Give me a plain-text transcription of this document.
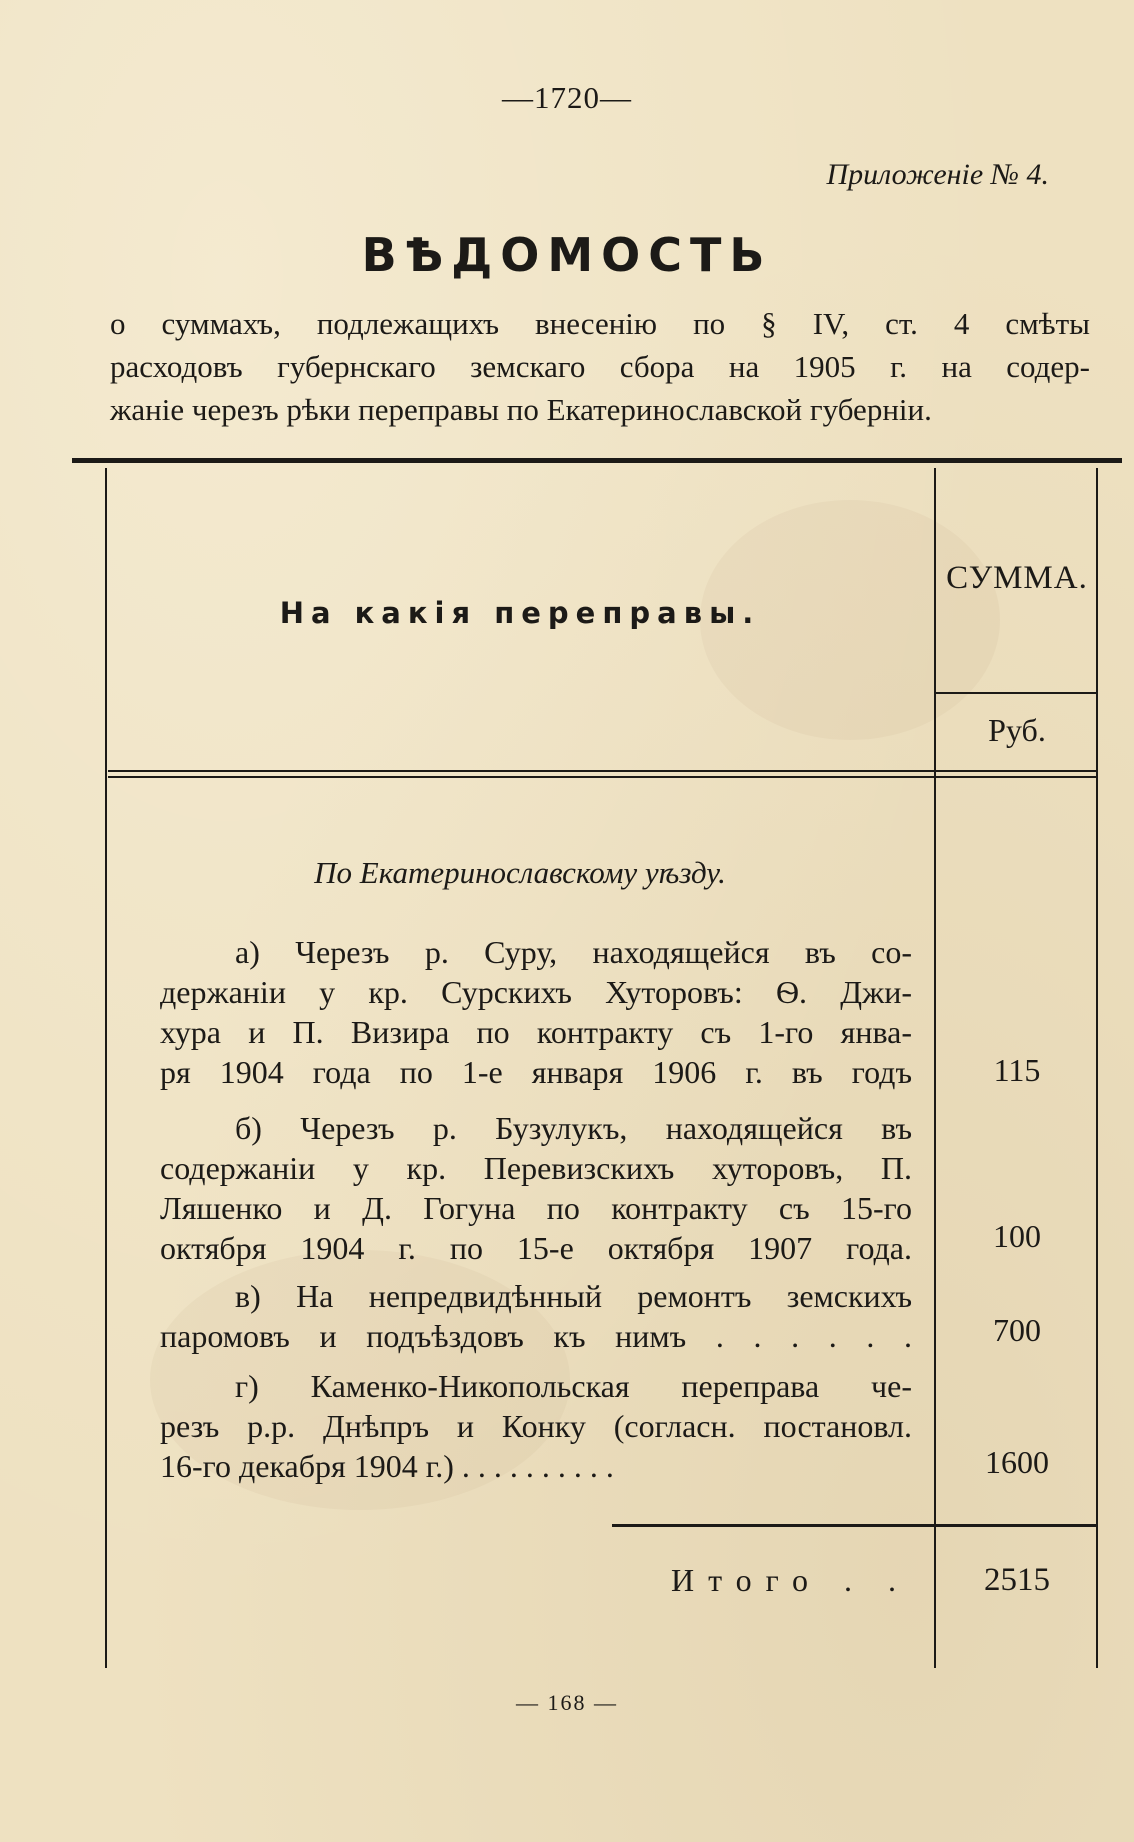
—1720—
Приложеніе № 4.
ВѢДОМОСТЬ
о суммахъ, подлежащихъ внесенію по § IV, ст. 4 смѣты
расходовъ губернскаго земскаго сбора на 1905 г. на содер-
жаніе черезъ рѣки переправы по Екатеринославской губерніи.
На какія переправы.
СУММА.
Руб.
По Екатеринославскому уѣзду.
а) Черезъ р. Суру, находящейся въ со-
держаніи у кр. Сурскихъ Хуторовъ: Ѳ. Джи-
хура и П. Визира по контракту съ 1-го янва-
ря 1904 года по 1-е января 1906 г. въ годъ	115
б) Черезъ р. Бузулукъ, находящейся въ
содержаніи у кр. Перевизскихъ хуторовъ, П.
Ляшенко и Д. Гогуна по контракту съ 15-го
октября 1904 г. по 15-е октября 1907 года.	100
в) На непредвидѣнный ремонтъ земскихъ
паромовъ и подъѣздовъ къ нимъ . . . . . .	700
г) Каменко-Никопольская переправа че-
резъ р.р. Днѣпръ и Конку (согласн. постановл.
16-го декабря 1904 г.) . . . . . . . . . .	1600
Итого . .	2515
— 168 —
